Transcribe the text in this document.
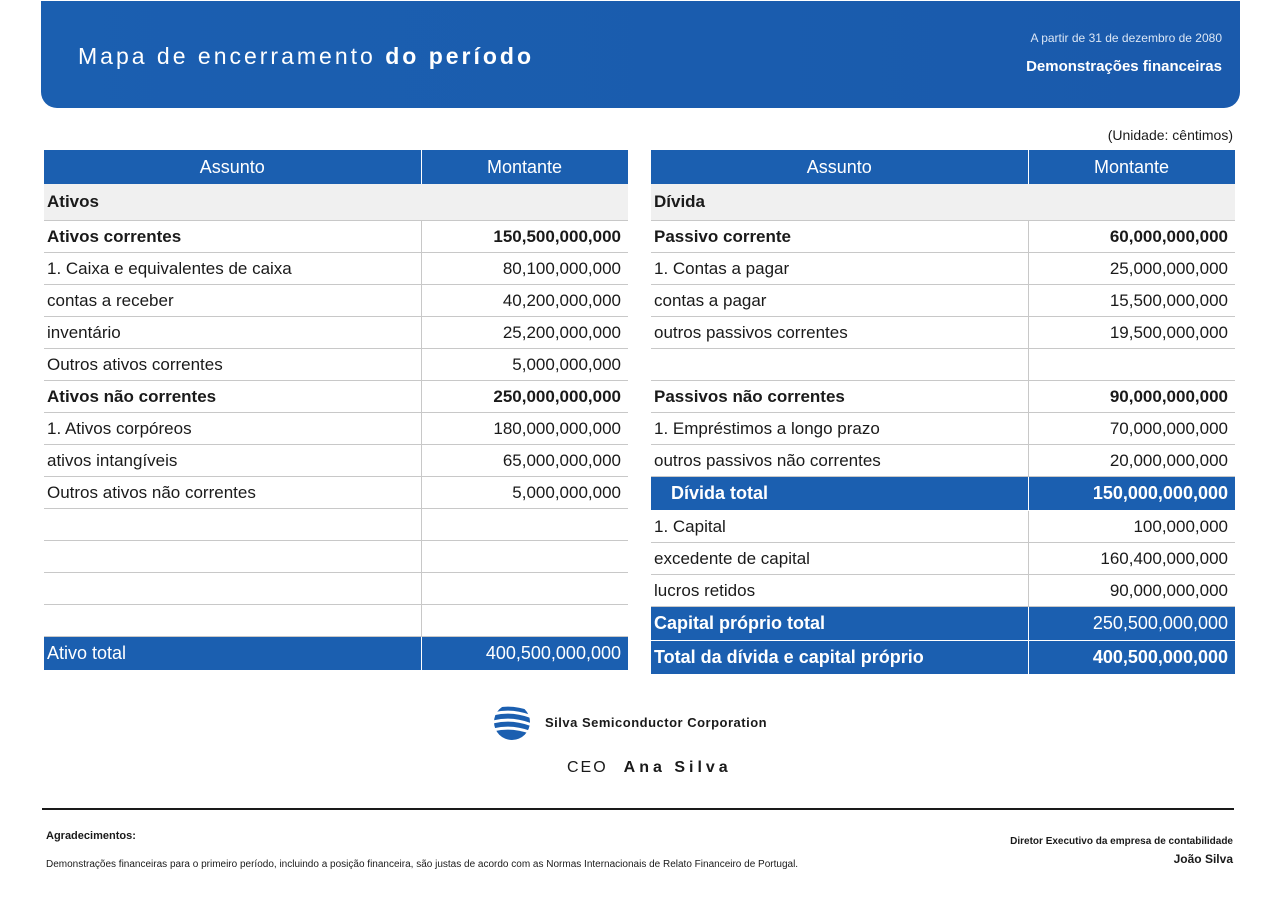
Mapa de encerramento do período
A partir de 31 de dezembro de 2080
Demonstrações financeiras
(Unidade: cêntimos)
Assunto	Montante
Ativos	
Ativos correntes	150,500,000,000
1. Caixa e equivalentes de caixa	80,100,000,000
contas a receber	40,200,000,000
inventário	25,200,000,000
Outros ativos correntes	5,000,000,000
Ativos não correntes	250,000,000,000
1. Ativos corpóreos	180,000,000,000
ativos intangíveis	65,000,000,000
Outros ativos não correntes	5,000,000,000

Ativo total	400,500,000,000
Assunto	Montante
Dívida	
Passivo corrente	60,000,000,000
1. Contas a pagar	25,000,000,000
contas a pagar	15,500,000,000
outros passivos correntes	19,500,000,000

Passivos não correntes	90,000,000,000
1. Empréstimos a longo prazo	70,000,000,000
outros passivos não correntes	20,000,000,000
Dívida total	150,000,000,000
1. Capital	100,000,000
excedente de capital	160,400,000,000
lucros retidos	90,000,000,000
Capital próprio total	250,500,000,000
Total da dívida e capital próprio	400,500,000,000
Silva Semiconductor Corporation
CEO Ana Silva
Agradecimentos:
Demonstrações financeiras para o primeiro período, incluindo a posição financeira, são justas de acordo com as Normas Internacionais de Relato Financeiro de Portugal.
Diretor Executivo da empresa de contabilidade
João Silva
